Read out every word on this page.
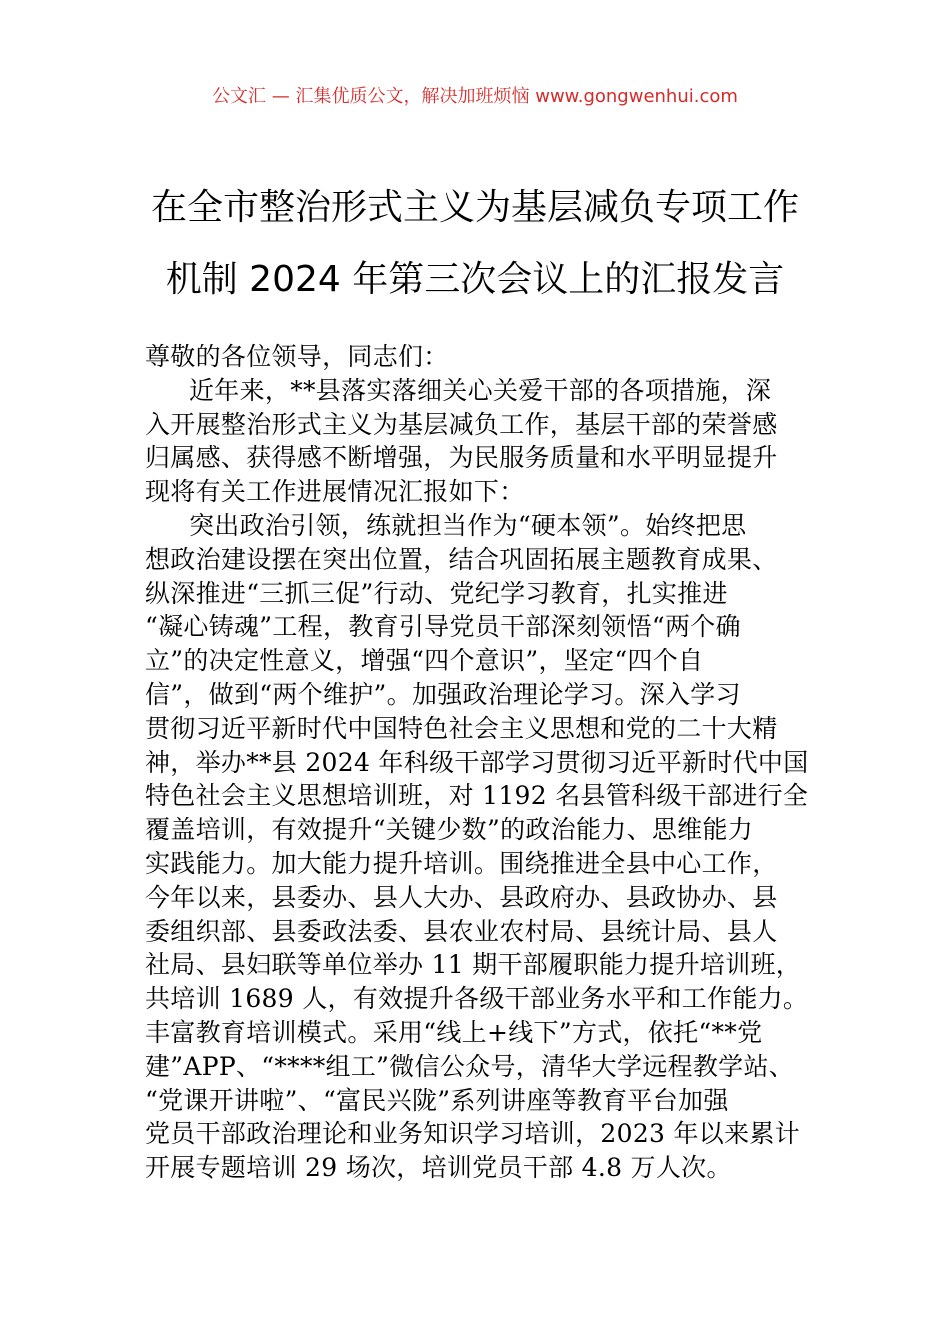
公文汇 — 汇集优质公文，解决加班烦恼 www.gongwenhui.com
在全市整治形式主义为基层减负专项工作
机制 2024 年第三次会议上的汇报发言
尊敬的各位领导，同志们：
近年来，**县落实落细关心关爱干部的各项措施，深
入开展整治形式主义为基层减负工作，基层干部的荣誉感
归属感、获得感不断增强，为民服务质量和水平明显提升
现将有关工作进展情况汇报如下：
突出政治引领，练就担当作为“硬本领”。始终把思
想政治建设摆在突出位置，结合巩固拓展主题教育成果、
纵深推进“三抓三促”行动、党纪学习教育，扎实推进
“凝心铸魂”工程，教育引导党员干部深刻领悟“两个确
立”的决定性意义，增强“四个意识”，坚定“四个自
信”，做到“两个维护”。加强政治理论学习。深入学习
贯彻习近平新时代中国特色社会主义思想和党的二十大精
神，举办**县 2024 年科级干部学习贯彻习近平新时代中国
特色社会主义思想培训班，对 1192 名县管科级干部进行全
覆盖培训，有效提升“关键少数”的政治能力、思维能力
实践能力。加大能力提升培训。围绕推进全县中心工作，
今年以来，县委办、县人大办、县政府办、县政协办、县
委组织部、县委政法委、县农业农村局、县统计局、县人
社局、县妇联等单位举办 11 期干部履职能力提升培训班，
共培训 1689 人，有效提升各级干部业务水平和工作能力。
丰富教育培训模式。采用“线上+线下”方式，依托“**党
建”APP、“****组工”微信公众号，清华大学远程教学站、
“党课开讲啦”、“富民兴陇”系列讲座等教育平台加强
党员干部政治理论和业务知识学习培训，2023 年以来累计
开展专题培训 29 场次，培训党员干部 4.8 万人次。
